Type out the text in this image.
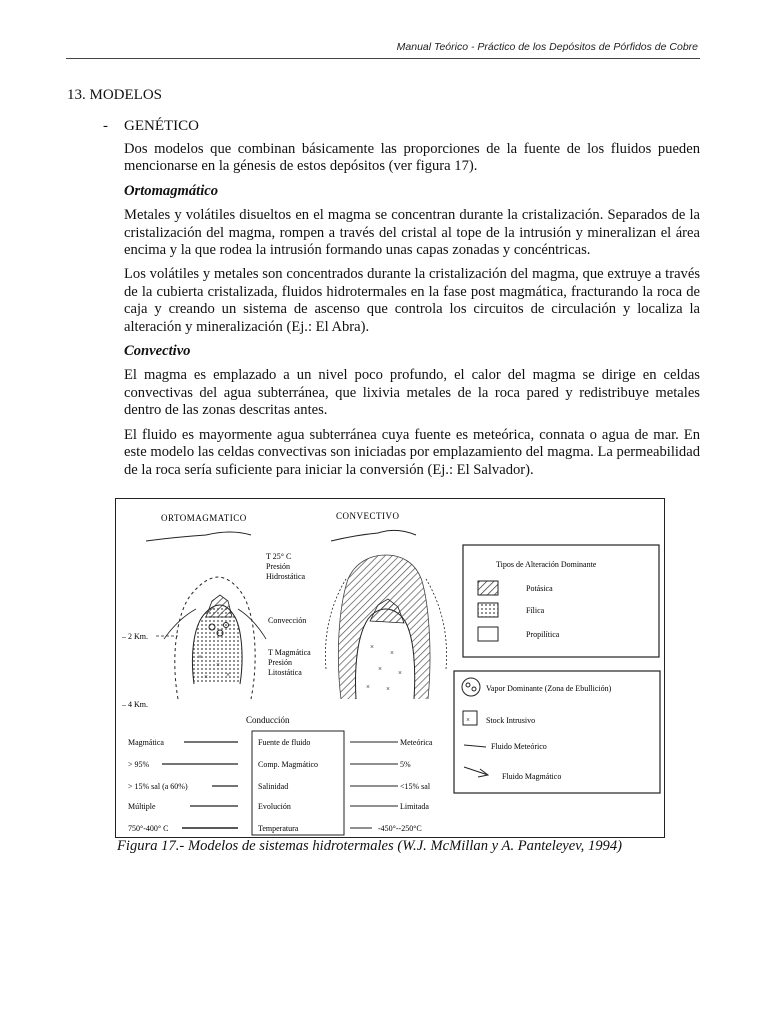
Manual Teórico - Práctico de los Depósitos de Pórfidos de Cobre
13. MODELOS
- GENÉTICO

Dos modelos que combinan básicamente las proporciones de la fuente de los fluidos pueden mencionarse en la génesis de estos depósitos (ver figura 17).

Ortomagmático

Metales y volátiles disueltos en el magma se concentran durante la cristalización. Separados de la cristalización del magma, rompen a través del cristal al tope de la intrusión y mineralizan el área encima y la que rodea la intrusión formando unas capas zonadas y concéntricas.

Los volátiles y metales son concentrados durante la cristalización del magma, que extruye a través de la cubierta cristalizada, fluidos hidrotermales en la fase post magmática, fracturando la roca de caja y creando un sistema de ascenso que controla los circuitos de circulación y localiza la alteración y mineralización (Ej.: El Abra).

Convectivo

El magma es emplazado a un nivel poco profundo, el calor del magma se dirige en celdas convectivas del agua subterránea, que lixivia metales de la roca pared y redistribuye metales dentro de las zonas descritas antes.

El fluido es mayormente agua subterránea cuya fuente es meteórica, connata o agua de mar. En este modelo las celdas convectivas son iniciadas por emplazamiento del magma. La permeabilidad de la roca sería suficiente para iniciar la conversión (Ej.: El Salvador).

ORTOMAGMATICO	CONVECTIVO
×
×
×	×
×
×
× ×
× ×
T 25° C
Presión
Hidrostática
Convección
T Magmática
Presión
Litostática
– 2 Km.
– 4 Km.
Conducción
Tipos de Alteración Dominante
Potásica
Fílica
Propilítica
Vapor Dominante (Zona de Ebullición)
× Stock Intrusivo
Fluido Meteórico
Fluido Magmático
Magmática
> 95%
> 15% sal (a 60%)
Múltiple
750°-400° C
Fuente de fluido
Comp. Magmático
Salinidad
Evolución
Temperatura
Meteórica
5%
<15% sal
Limitada
-450°--250°C
Figura 17.- Modelos de sistemas hidrotermales (W.J. McMillan y A. Panteleyev, 1994)
